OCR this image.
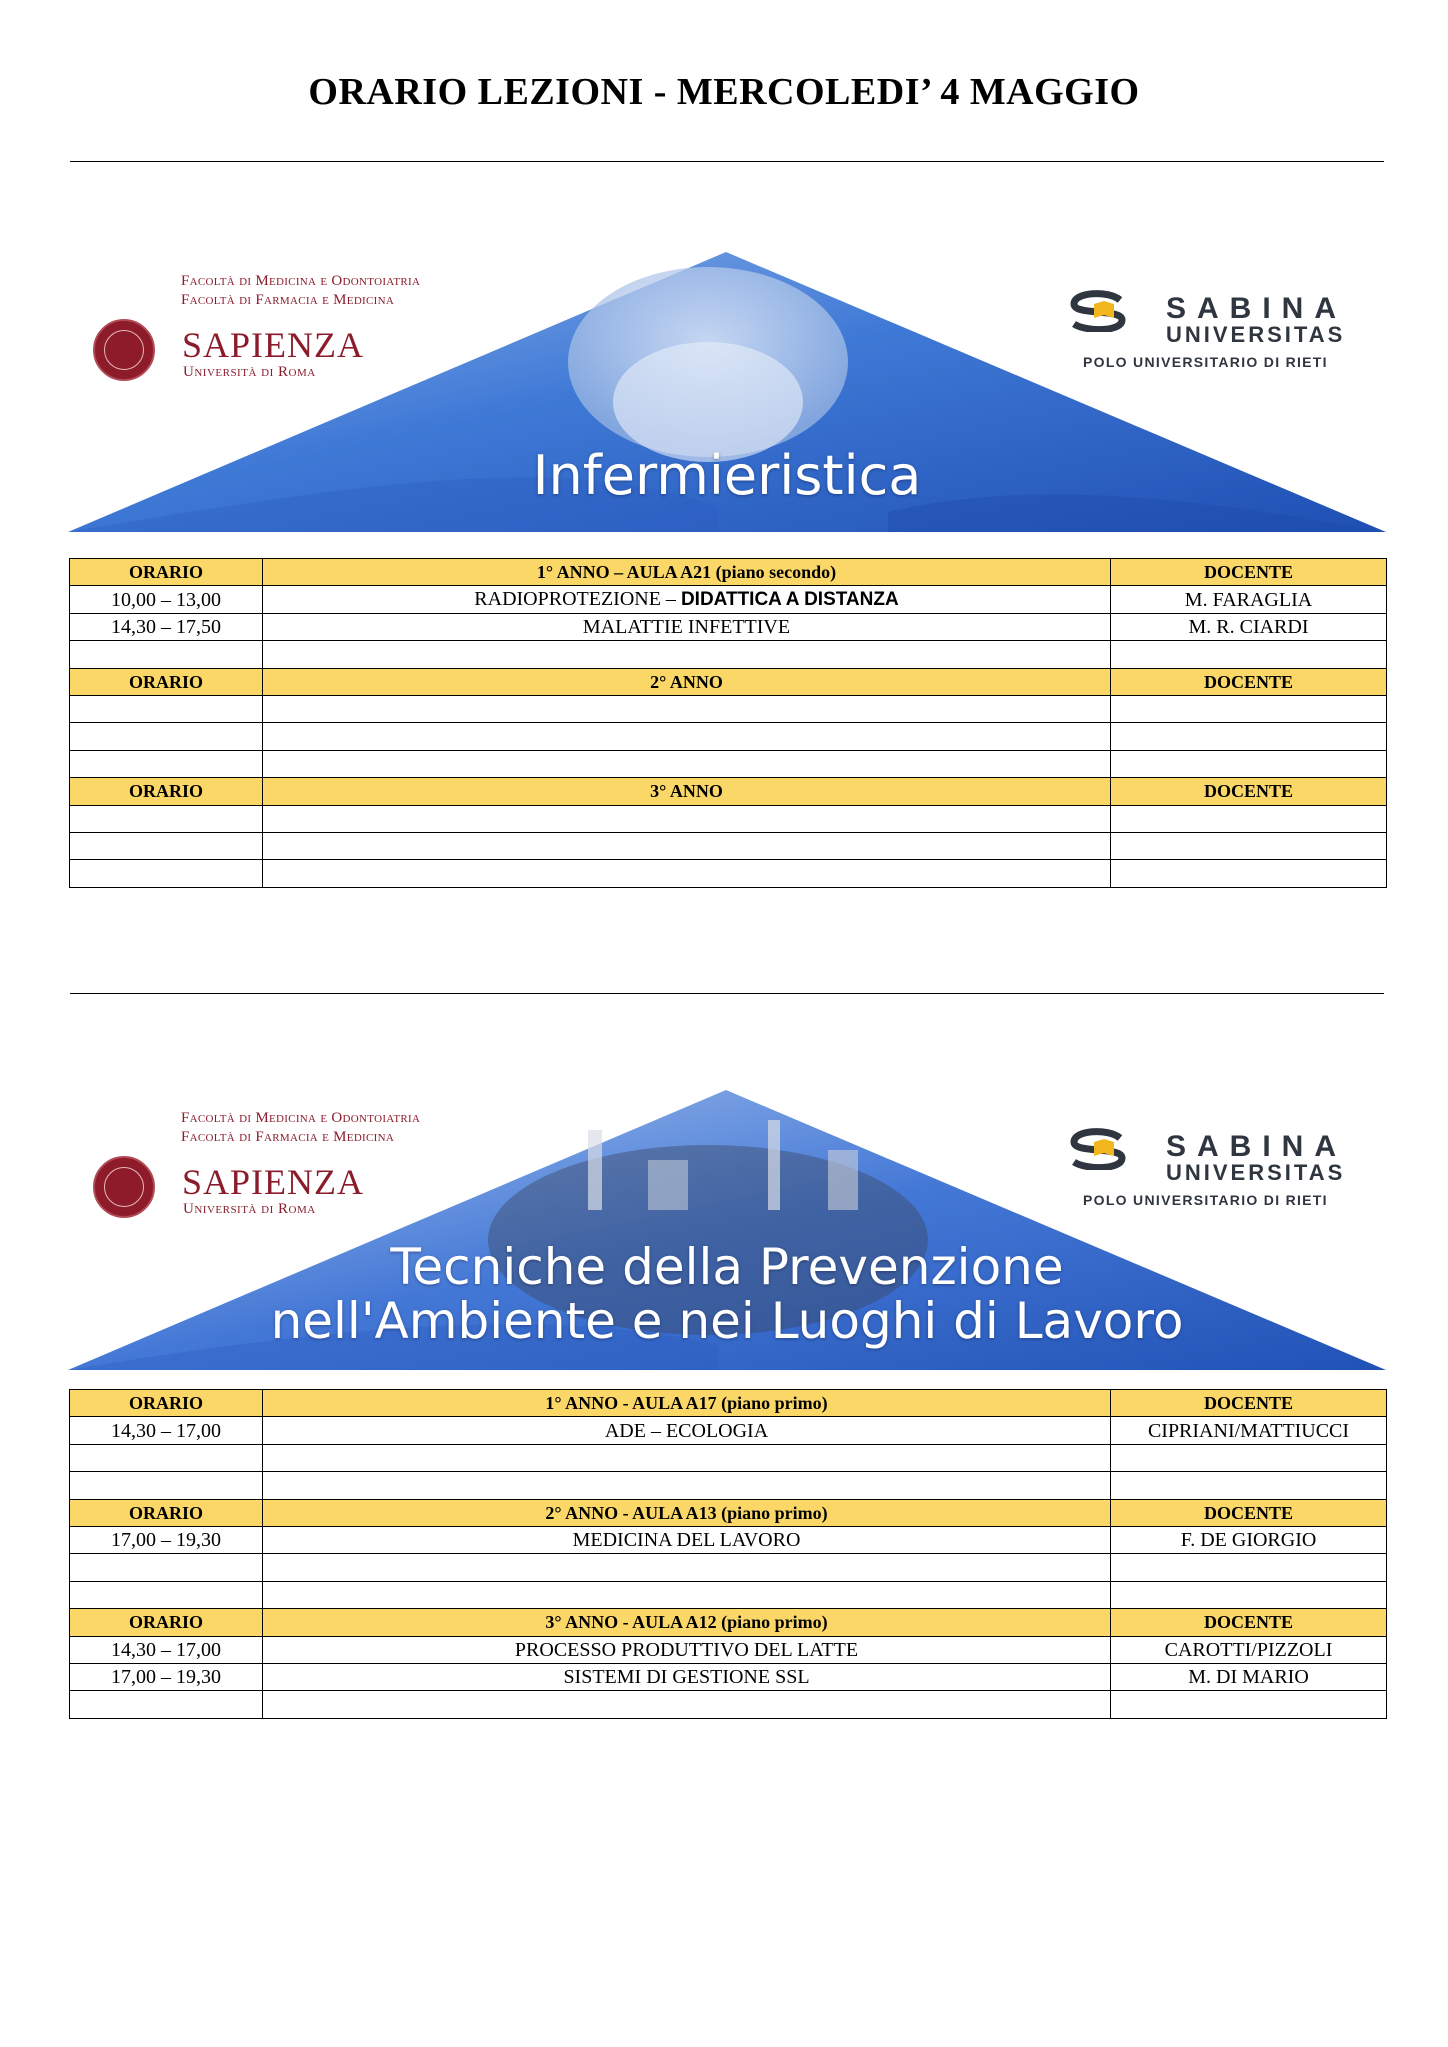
ORARIO LEZIONI - MERCOLEDI’ 4 MAGGIO
Facoltà di Medicina e Odontoiatria
Facoltà di Farmacia e Medicina
SAPIENZA
Università di Roma
SABINA
UNIVERSITAS
POLO UNIVERSITARIO DI RIETI
Infermieristica
ORARIO	1° ANNO – AULA A21 (piano secondo)	DOCENTE
10,00 – 13,00	RADIOPROTEZIONE – DIDATTICA A DISTANZA	M. FARAGLIA
14,30 – 17,50	MALATTIE INFETTIVE	M. R. CIARDI

ORARIO	2° ANNO	DOCENTE

ORARIO	3° ANNO	DOCENTE

Facoltà di Medicina e Odontoiatria
Facoltà di Farmacia e Medicina
SAPIENZA
Università di Roma
SABINA
UNIVERSITAS
POLO UNIVERSITARIO DI RIETI
Tecniche della Prevenzione
nell'Ambiente e nei Luoghi di Lavoro
ORARIO	1° ANNO - AULA A17 (piano primo)	DOCENTE
14,30 – 17,00	ADE – ECOLOGIA	CIPRIANI/MATTIUCCI

ORARIO	2° ANNO - AULA A13 (piano primo)	DOCENTE
17,00 – 19,30	MEDICINA DEL LAVORO	F. DE GIORGIO

ORARIO	3° ANNO - AULA A12 (piano primo)	DOCENTE
14,30 – 17,00	PROCESSO PRODUTTIVO DEL LATTE	CAROTTI/PIZZOLI
17,00 – 19,30	SISTEMI DI GESTIONE SSL	M. DI MARIO
